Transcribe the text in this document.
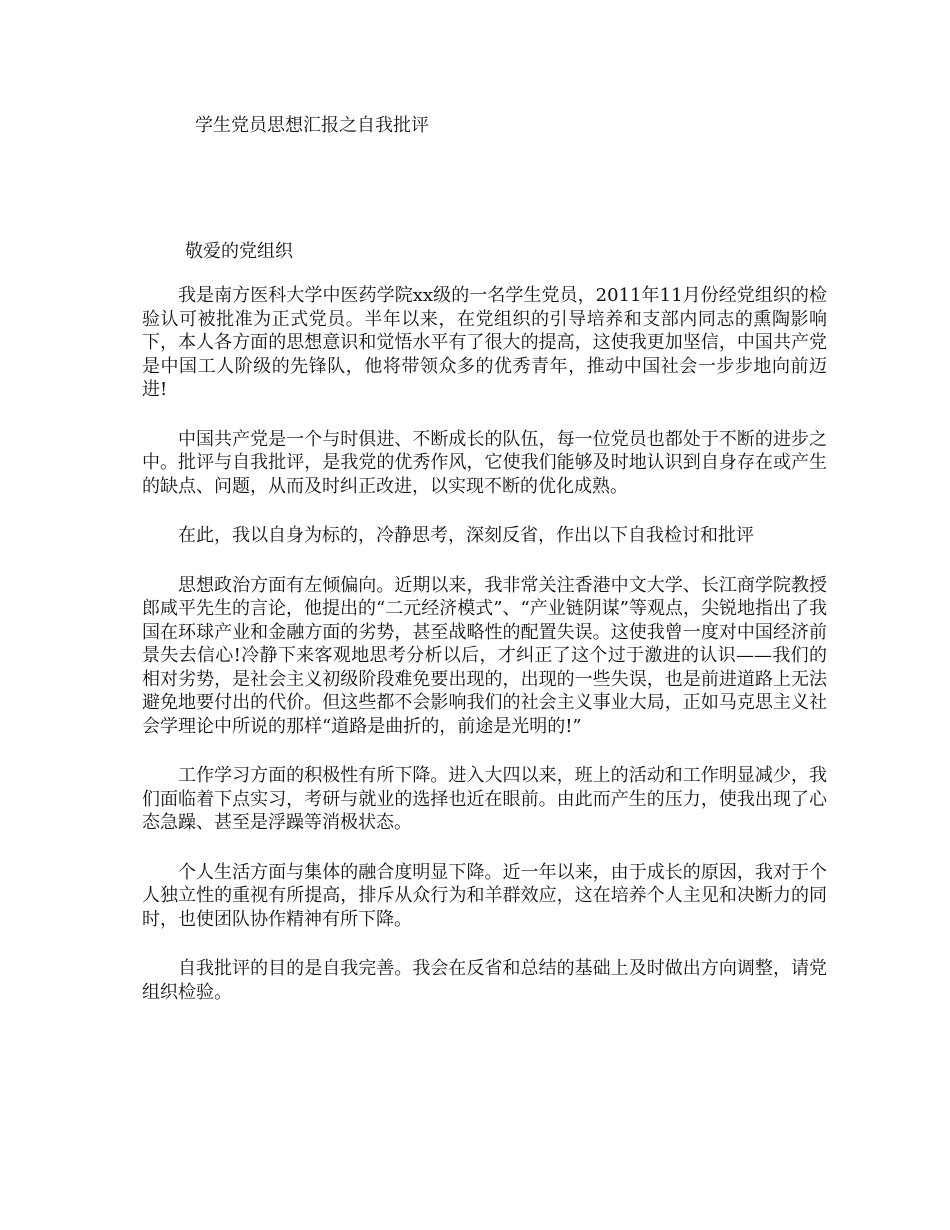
学生党员思想汇报之自我批评
敬爱的党组织

我是南方医科大学中医药学院xx级的一名学生党员，2011年11月份经党组织的检验认可被批准为正式党员。半年以来，在党组织的引导培养和支部内同志的熏陶影响下，本人各方面的思想意识和觉悟水平有了很大的提高，这使我更加坚信，中国共产党是中国工人阶级的先锋队，他将带领众多的优秀青年，推动中国社会一步步地向前迈进!

中国共产党是一个与时俱进、不断成长的队伍，每一位党员也都处于不断的进步之中。批评与自我批评，是我党的优秀作风，它使我们能够及时地认识到自身存在或产生的缺点、问题，从而及时纠正改进，以实现不断的优化成熟。

在此，我以自身为标的，冷静思考，深刻反省，作出以下自我检讨和批评

思想政治方面有左倾偏向。近期以来，我非常关注香港中文大学、长江商学院教授郎咸平先生的言论，他提出的“二元经济模式”、“产业链阴谋”等观点，尖锐地指出了我国在环球产业和金融方面的劣势，甚至战略性的配置失误。这使我曾一度对中国经济前景失去信心!冷静下来客观地思考分析以后，才纠正了这个过于激进的认识——我们的相对劣势，是社会主义初级阶段难免要出现的，出现的一些失误，也是前进道路上无法避免地要付出的代价。但这些都不会影响我们的社会主义事业大局，正如马克思主义社会学理论中所说的那样“道路是曲折的，前途是光明的!”

工作学习方面的积极性有所下降。进入大四以来，班上的活动和工作明显减少，我们面临着下点实习，考研与就业的选择也近在眼前。由此而产生的压力，使我出现了心态急躁、甚至是浮躁等消极状态。

个人生活方面与集体的融合度明显下降。近一年以来，由于成长的原因，我对于个人独立性的重视有所提高，排斥从众行为和羊群效应，这在培养个人主见和决断力的同时，也使团队协作精神有所下降。

自我批评的目的是自我完善。我会在反省和总结的基础上及时做出方向调整，请党组织检验。
